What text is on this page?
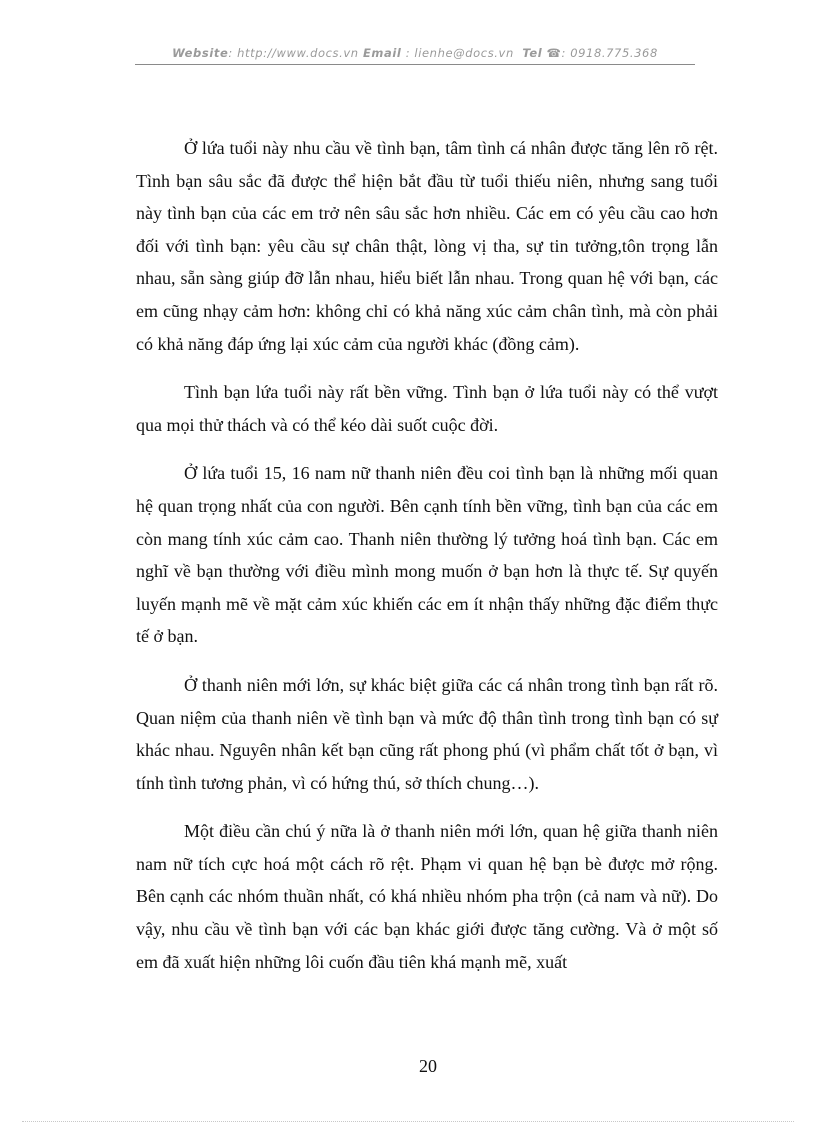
Website: http://www.docs.vn Email : lienhe@docs.vn Tel ☎: 0918.775.368

Ở lứa tuổi này nhu cầu về tình bạn, tâm tình cá nhân được tăng lên rõ rệt. Tình bạn sâu sắc đã được thể hiện bắt đầu từ tuổi thiếu niên, nhưng sang tuổi này tình bạn của các em trở nên sâu sắc hơn nhiều. Các em có yêu cầu cao hơn đối với tình bạn: yêu cầu sự chân thật, lòng vị tha, sự tin tưởng,tôn trọng lẫn nhau, sẵn sàng giúp đỡ lẫn nhau, hiểu biết lẫn nhau. Trong quan hệ với bạn, các em cũng nhạy cảm hơn: không chỉ có khả năng xúc cảm chân tình, mà còn phải có khả năng đáp ứng lại xúc cảm của người khác (đồng cảm).

Tình bạn lứa tuổi này rất bền vững. Tình bạn ở lứa tuổi này có thể vượt qua mọi thử thách và có thể kéo dài suốt cuộc đời.

Ở lứa tuổi 15, 16 nam nữ thanh niên đều coi tình bạn là những mối quan hệ quan trọng nhất của con người. Bên cạnh tính bền vững, tình bạn của các em còn mang tính xúc cảm cao. Thanh niên thường lý tưởng hoá tình bạn. Các em nghĩ về bạn thường với điều mình mong muốn ở bạn hơn là thực tế. Sự quyến luyến mạnh mẽ về mặt cảm xúc khiến các em ít nhận thấy những đặc điểm thực tế ở bạn.

Ở thanh niên mới lớn, sự khác biệt giữa các cá nhân trong tình bạn rất rõ. Quan niệm của thanh niên về tình bạn và mức độ thân tình trong tình bạn có sự khác nhau. Nguyên nhân kết bạn cũng rất phong phú (vì phẩm chất tốt ở bạn, vì tính tình tương phản, vì có hứng thú, sở thích chung…).

Một điều cần chú ý nữa là ở thanh niên mới lớn, quan hệ giữa thanh niên nam nữ tích cực hoá một cách rõ rệt. Phạm vi quan hệ bạn bè được mở rộng. Bên cạnh các nhóm thuần nhất, có khá nhiều nhóm pha trộn (cả nam và nữ). Do vậy, nhu cầu về tình bạn với các bạn khác giới được tăng cường. Và ở một số em đã xuất hiện những lôi cuốn đầu tiên khá mạnh mẽ, xuất

20
